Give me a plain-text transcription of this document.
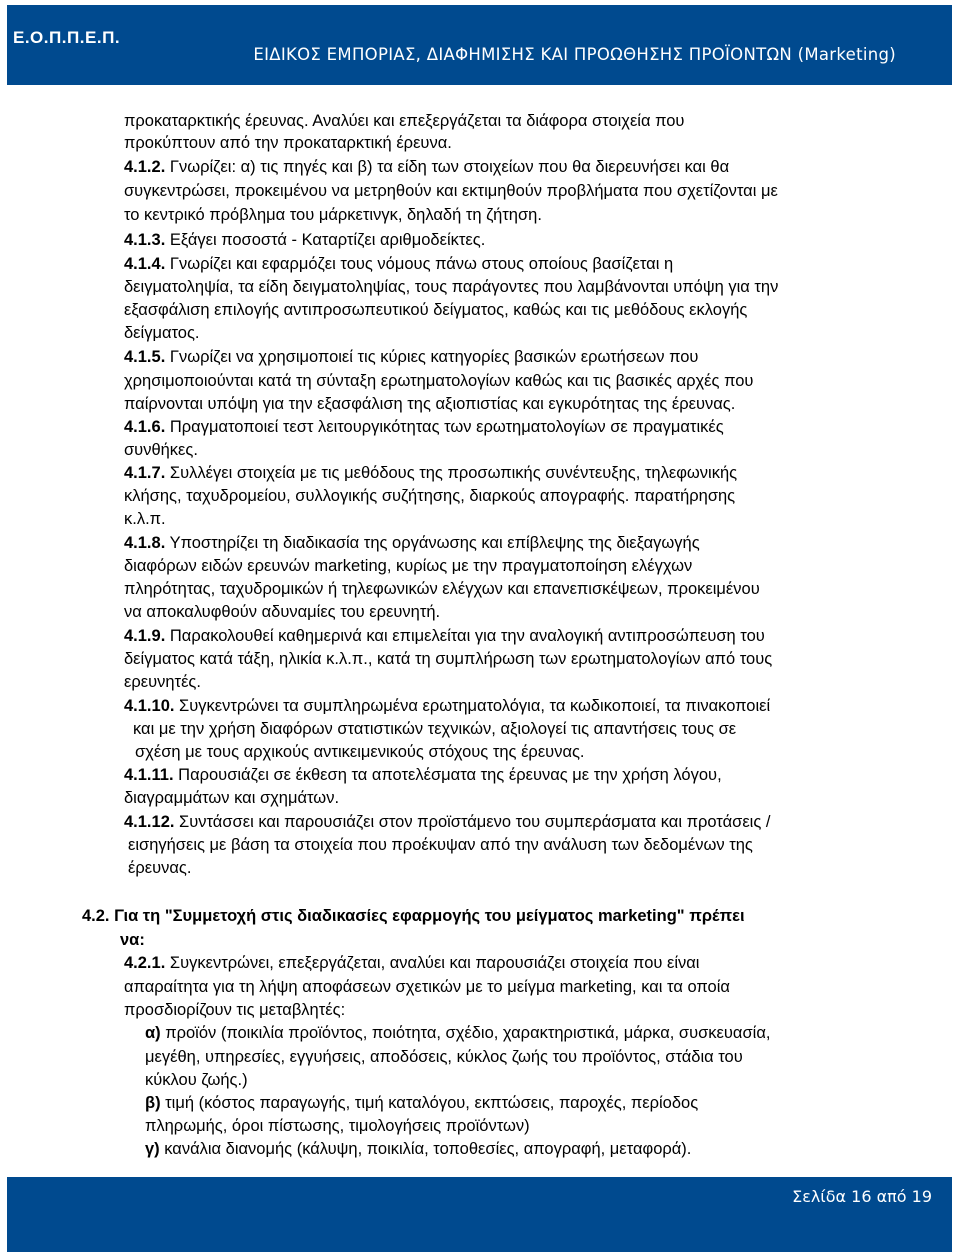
Ε.Ο.Π.Π.Ε.Π.
ΕΙΔΙΚΟΣ ΕΜΠΟΡΙΑΣ, ΔΙΑΦΗΜΙΣΗΣ ΚΑΙ ΠΡΟΩΘΗΣΗΣ ΠΡΟΪΟΝΤΩΝ (Marketing)
προκαταρκτικής έρευνας. Αναλύει και επεξεργάζεται τα διάφορα στοιχεία που
προκύπτουν από την προκαταρκτική έρευνα.
4.1.2. Γνωρίζει: α) τις πηγές και β) τα είδη των στοιχείων που θα διερευνήσει και θα
συγκεντρώσει, προκειμένου να μετρηθούν και εκτιμηθούν προβλήματα που σχετίζονται με
το κεντρικό πρόβλημα του μάρκετινγκ, δηλαδή τη ζήτηση.
4.1.3. Εξάγει ποσοστά - Καταρτίζει αριθμοδείκτες.
4.1.4. Γνωρίζει και εφαρμόζει τους νόμους πάνω στους οποίους βασίζεται η
δειγματοληψία, τα είδη δειγματοληψίας, τους παράγοντες που λαμβάνονται υπόψη για την
εξασφάλιση επιλογής αντιπροσωπευτικού δείγματος, καθώς και τις μεθόδους εκλογής
δείγματος.
4.1.5. Γνωρίζει να χρησιμοποιεί τις κύριες κατηγορίες βασικών ερωτήσεων που
χρησιμοποιούνται κατά τη σύνταξη ερωτηματολογίων καθώς και τις βασικές αρχές που
παίρνονται υπόψη για την εξασφάλιση της αξιοπιστίας και εγκυρότητας της έρευνας.
4.1.6. Πραγματοποιεί τεστ λειτουργικότητας των ερωτηματολογίων σε πραγματικές
συνθήκες.
4.1.7. Συλλέγει στοιχεία με τις μεθόδους της προσωπικής συνέντευξης, τηλεφωνικής
κλήσης, ταχυδρομείου, συλλογικής συζήτησης, διαρκούς απογραφής. παρατήρησης
κ.λ.π.
4.1.8. Υποστηρίζει τη διαδικασία της οργάνωσης και επίβλεψης της διεξαγωγής
διαφόρων ειδών ερευνών marketing, κυρίως με την πραγματοποίηση ελέγχων
πληρότητας, ταχυδρομικών ή τηλεφωνικών ελέγχων και επανεπισκέψεων, προκειμένου
να αποκαλυφθούν αδυναμίες του ερευνητή.
4.1.9. Παρακολουθεί καθημερινά και επιμελείται για την αναλογική αντιπροσώπευση του
δείγματος κατά τάξη, ηλικία κ.λ.π., κατά τη συμπλήρωση των ερωτηματολογίων από τους
ερευνητές.
4.1.10. Συγκεντρώνει τα συμπληρωμένα ερωτηματολόγια, τα κωδικοποιεί, τα πινακοποιεί
και με την χρήση διαφόρων στατιστικών τεχνικών, αξιολογεί τις απαντήσεις τους σε
σχέση με τους αρχικούς αντικειμενικούς στόχους της έρευνας.
4.1.11. Παρουσιάζει σε έκθεση τα αποτελέσματα της έρευνας με την χρήση λόγου,
διαγραμμάτων και σχημάτων.
4.1.12. Συντάσσει και παρουσιάζει στον προϊστάμενο του συμπεράσματα και προτάσεις /
εισηγήσεις με βάση τα στοιχεία που προέκυψαν από την ανάλυση των δεδομένων της
έρευνας.
4.2. Για τη "Συμμετοχή στις διαδικασίες εφαρμογής του μείγματος marketing" πρέπει
να:
4.2.1. Συγκεντρώνει, επεξεργάζεται, αναλύει και παρουσιάζει στοιχεία που είναι
απαραίτητα για τη λήψη αποφάσεων σχετικών με το μείγμα marketing, και τα οποία
προσδιορίζουν τις μεταβλητές:
α) προϊόν (ποικιλία προϊόντος, ποιότητα, σχέδιο, χαρακτηριστικά, μάρκα, συσκευασία,
μεγέθη, υπηρεσίες, εγγυήσεις, αποδόσεις, κύκλος ζωής του προϊόντος, στάδια του
κύκλου ζωής.)
β) τιμή (κόστος παραγωγής, τιμή καταλόγου, εκπτώσεις, παροχές, περίοδος
πληρωμής, όροι πίστωσης, τιμολογήσεις προϊόντων)
γ) κανάλια διανομής (κάλυψη, ποικιλία, τοποθεσίες, απογραφή, μεταφορά).
Σελίδα 16 από 19
